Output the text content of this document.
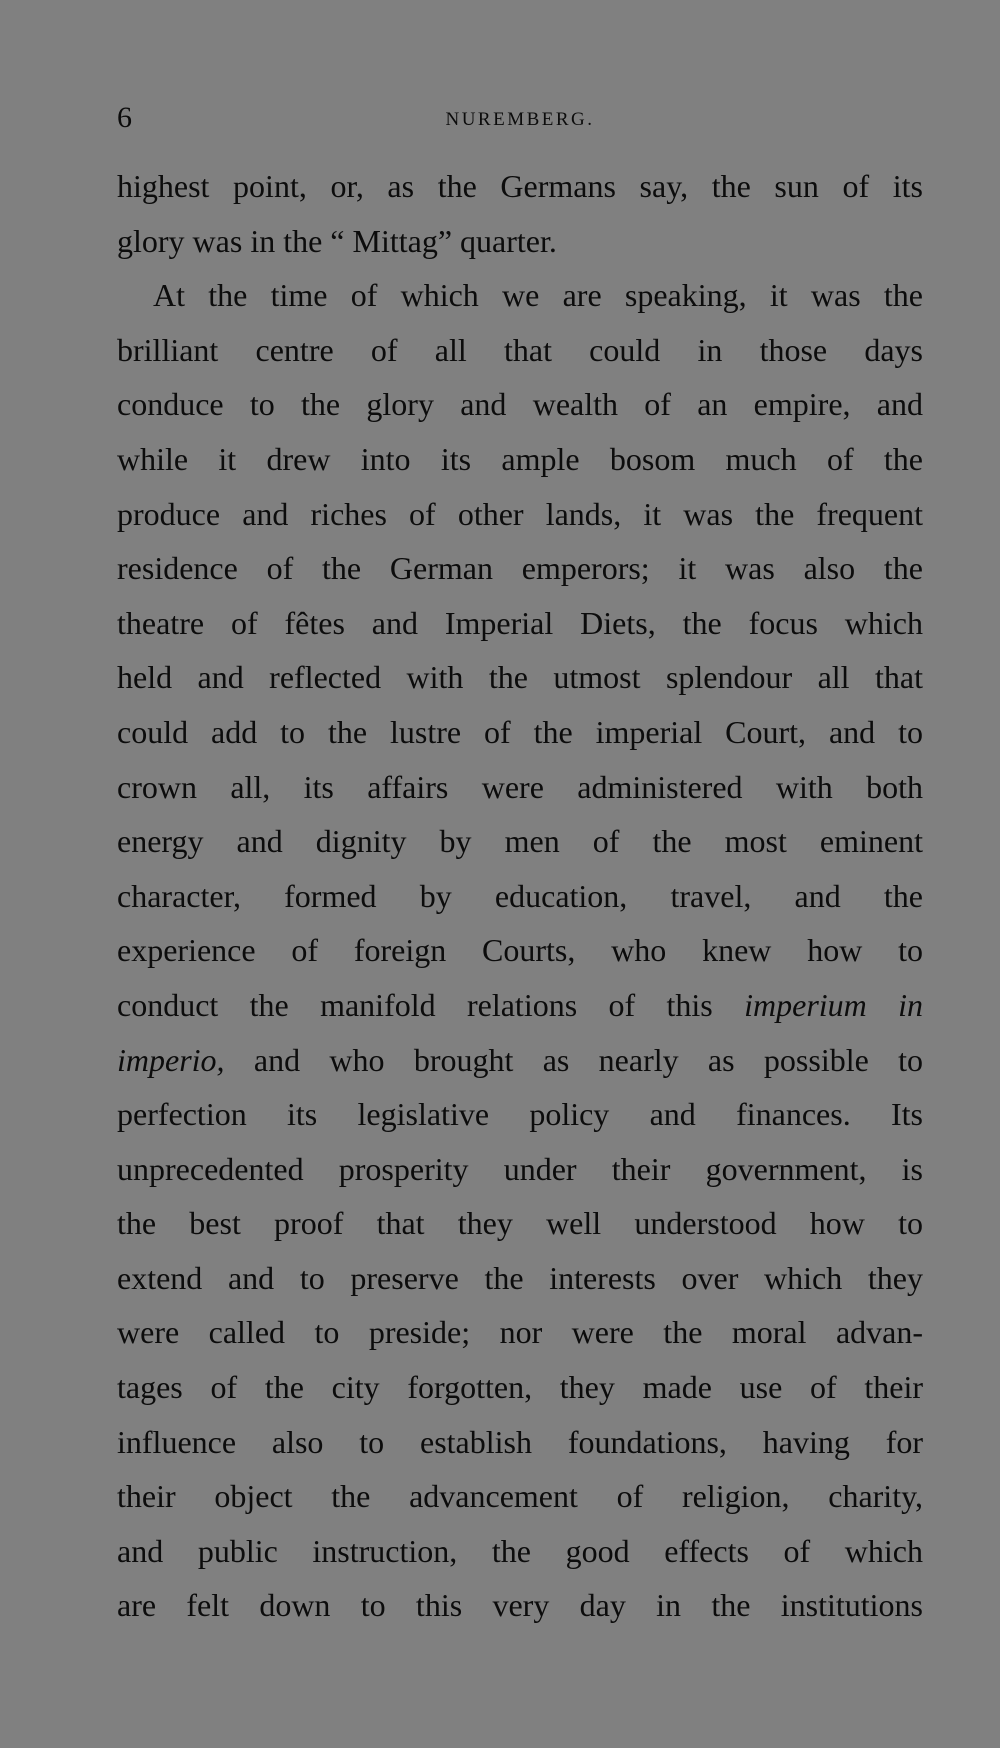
6	NUREMBERG.
highest point, or, as the Germans say, the sun of its
glory was in the “ Mittag” quarter.
At the time of which we are speaking, it was the
brilliant centre of all that could in those days
conduce to the glory and wealth of an empire, and
while it drew into its ample bosom much of the
produce and riches of other lands, it was the frequent
residence of the German emperors; it was also the
theatre of fêtes and Imperial Diets, the focus which
held and reflected with the utmost splendour all that
could add to the lustre of the imperial Court, and to
crown all, its affairs were administered with both
energy and dignity by men of the most eminent
character, formed by education, travel, and the
experience of foreign Courts, who knew how to
conduct the manifold relations of this imperium in
imperio, and who brought as nearly as possible to
perfection its legislative policy and finances. Its
unprecedented prosperity under their government, is
the best proof that they well understood how to
extend and to preserve the interests over which they
were called to preside; nor were the moral advan-
tages of the city forgotten, they made use of their
influence also to establish foundations, having for
their object the advancement of religion, charity,
and public instruction, the good effects of which
are felt down to this very day in the institutions
